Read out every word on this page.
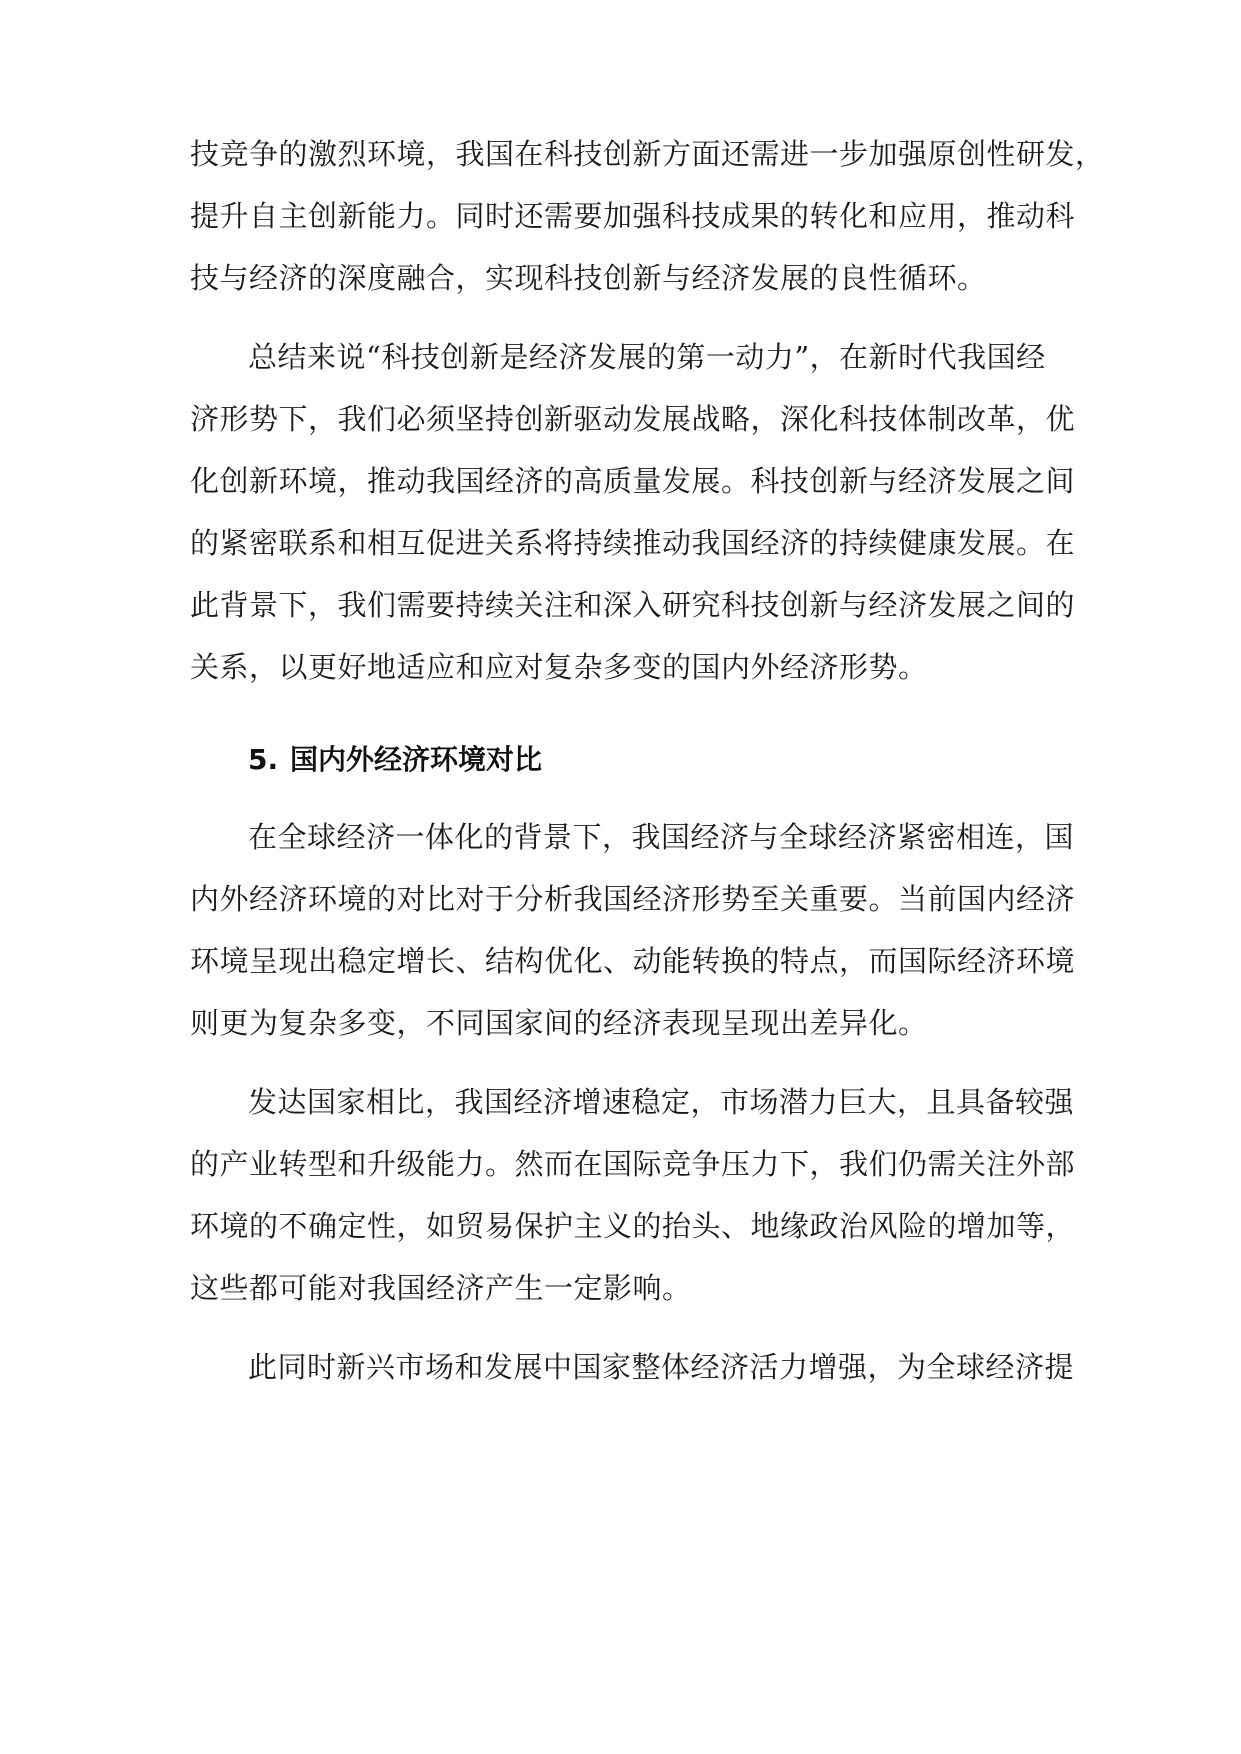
技竞争的激烈环境，我国在科技创新方面还需进一步加强原创性研发，
提升自主创新能力。同时还需要加强科技成果的转化和应用，推动科
技与经济的深度融合，实现科技创新与经济发展的良性循环。
总结来说“科技创新是经济发展的第一动力”，在新时代我国经
济形势下，我们必须坚持创新驱动发展战略，深化科技体制改革，优
化创新环境，推动我国经济的高质量发展。科技创新与经济发展之间
的紧密联系和相互促进关系将持续推动我国经济的持续健康发展。在
此背景下，我们需要持续关注和深入研究科技创新与经济发展之间的
关系，以更好地适应和应对复杂多变的国内外经济形势。
5. 国内外经济环境对比
在全球经济一体化的背景下，我国经济与全球经济紧密相连，国
内外经济环境的对比对于分析我国经济形势至关重要。当前国内经济
环境呈现出稳定增长、结构优化、动能转换的特点，而国际经济环境
则更为复杂多变，不同国家间的经济表现呈现出差异化。
发达国家相比，我国经济增速稳定，市场潜力巨大，且具备较强
的产业转型和升级能力。然而在国际竞争压力下，我们仍需关注外部
环境的不确定性，如贸易保护主义的抬头、地缘政治风险的增加等，
这些都可能对我国经济产生一定影响。
此同时新兴市场和发展中国家整体经济活力增强，为全球经济提
